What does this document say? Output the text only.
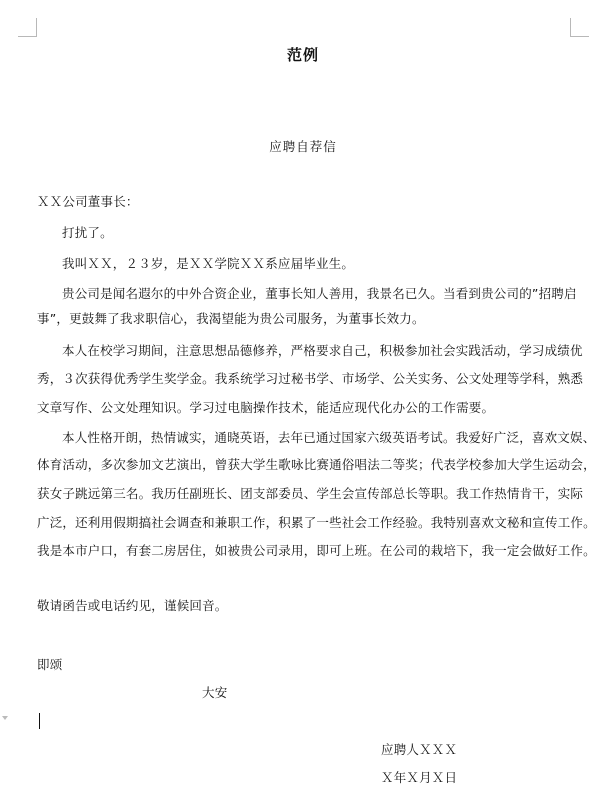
范例
应聘自荐信
ＸＸ公司董事长：
打扰了。
我叫ＸＸ，２３岁，是ＸＸ学院ＸＸ系应届毕业生。
贵公司是闻名遐尔的中外合资企业，董事长知人善用，我景名已久。当看到贵公司的”招聘启
事”，更鼓舞了我求职信心，我渴望能为贵公司服务，为董事长效力。
本人在校学习期间，注意思想品德修养，严格要求自己，积极参加社会实践活动，学习成绩优
秀，３次获得优秀学生奖学金。我系统学习过秘书学、市场学、公关实务、公文处理等学科，熟悉
文章写作、公文处理知识。学习过电脑操作技术，能适应现代化办公的工作需要。
本人性格开朗，热情诚实，通晓英语，去年已通过国家六级英语考试。我爱好广泛，喜欢文娱、
体育活动，多次参加文艺演出，曾获大学生歌咏比赛通俗唱法二等奖；代表学校参加大学生运动会，
获女子跳远第三名。我历任副班长、团支部委员、学生会宣传部总长等职。我工作热情肯干，实际
广泛，还利用假期搞社会调查和兼职工作，积累了一些社会工作经验。我特别喜欢文秘和宣传工作。
我是本市户口，有套二房居住，如被贵公司录用，即可上班。在公司的栽培下，我一定会做好工作。
敬请函告或电话约见，谨候回音。
即颂
大安
应聘人ＸＸＸ
Ｘ年Ｘ月Ｘ日
